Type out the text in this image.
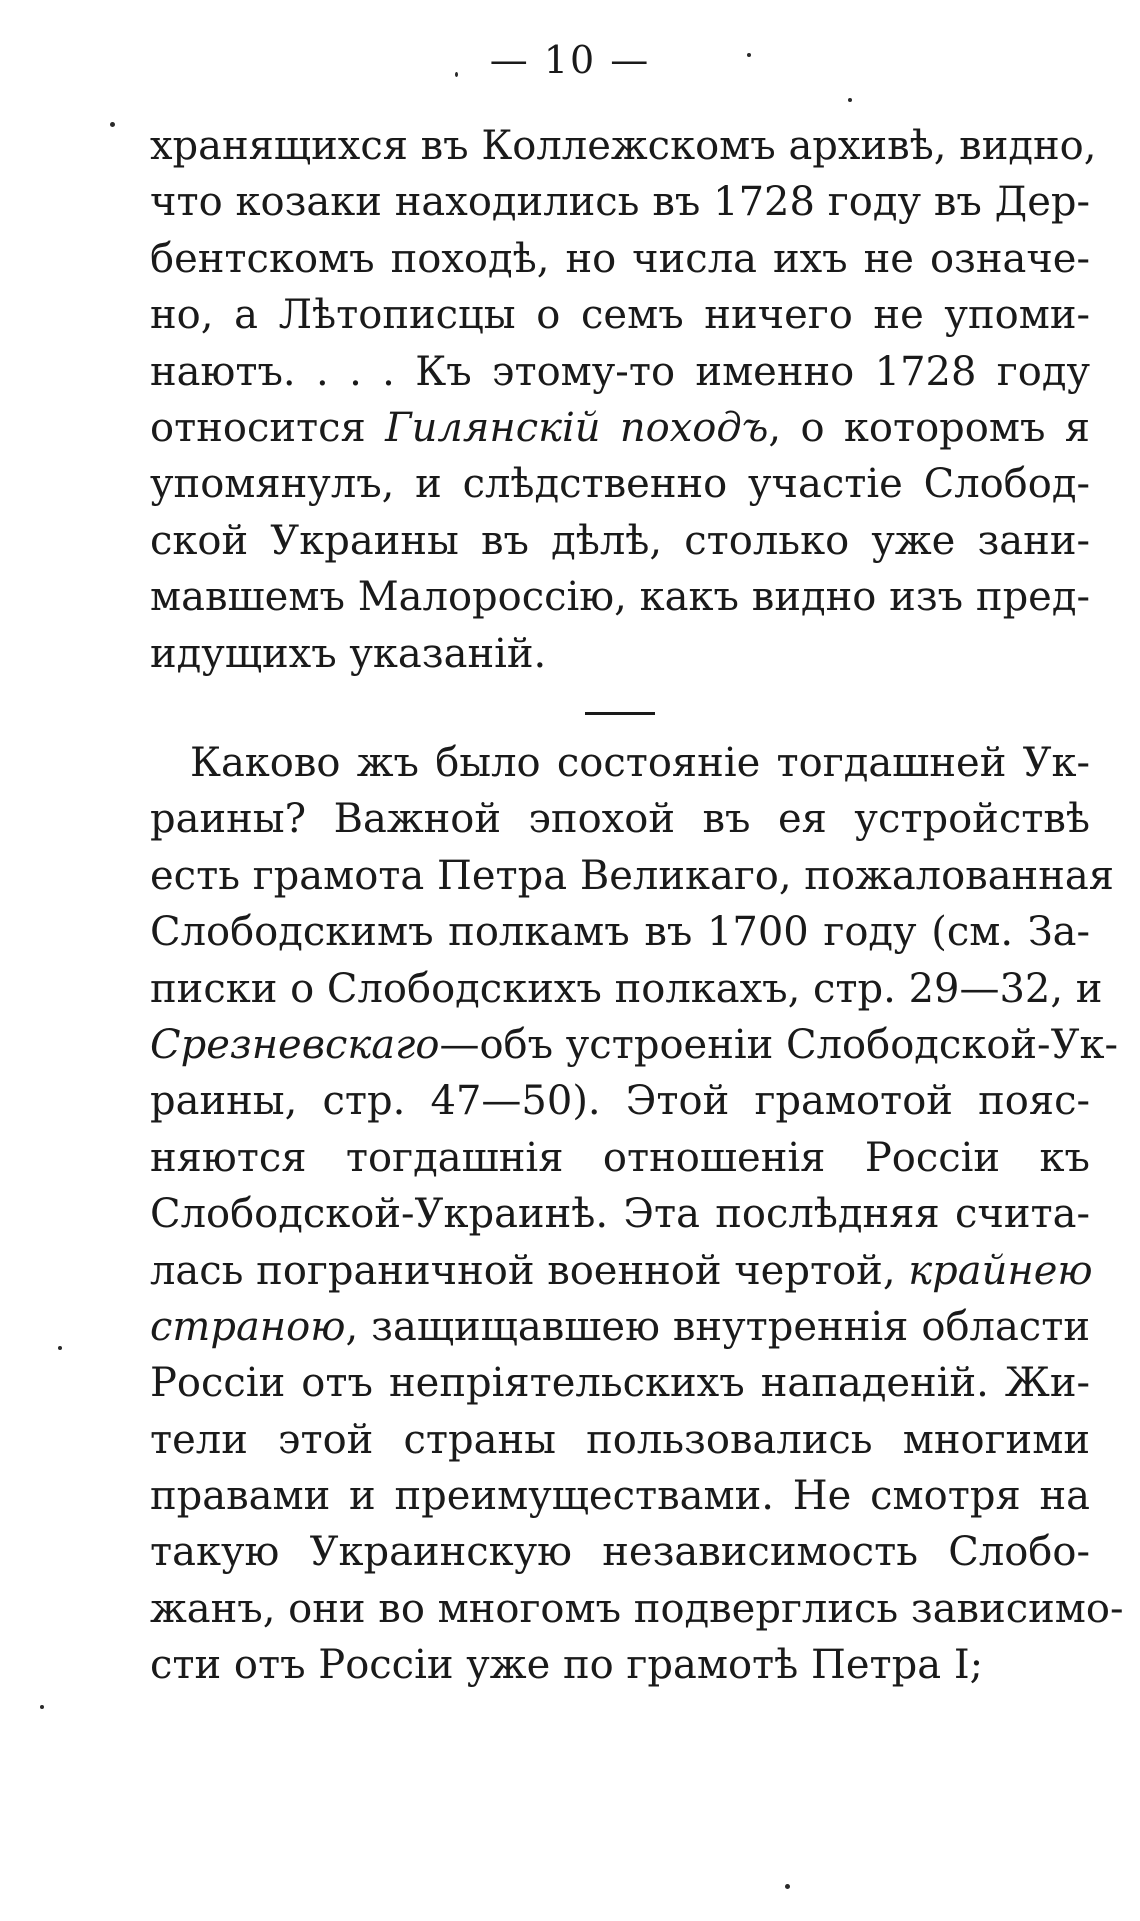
— 10 —
хранящихся въ Коллежскомъ архивѣ, видно,
что козаки находились въ 1728 году въ Дер-
бентскомъ походѣ, но числа ихъ не означе-
но, а Лѣтописцы о семъ ничего не упоми-
наютъ. . . . Къ этому-то именно 1728 году
относится Гилянскій походъ, о которомъ я
упомянулъ, и слѣдственно участіе Слобод-
ской Украины въ дѣлѣ, столько уже зани-
мавшемъ Малороссію, какъ видно изъ пред-
идущихъ указаній.
Каково жъ было состояніе тогдашней Ук-
раины? Важной эпохой въ ея устройствѣ
есть грамота Петра Великаго, пожалованная
Слободскимъ полкамъ въ 1700 году (см. За-
писки о Слободскихъ полкахъ, стр. 29—32, и
Срезневскаго—объ устроеніи Слободской-Ук-
раины, стр. 47—50). Этой грамотой пояс-
няются тогдашнія отношенія Россіи къ
Слободской-Украинѣ. Эта послѣдняя счита-
лась пограничной военной чертой, крайнею
страною, защищавшею внутреннія области
Россіи отъ непріятельскихъ нападеній. Жи-
тели этой страны пользовались многими
правами и преимуществами. Не смотря на
такую Украинскую независимость Слобо-
жанъ, они во многомъ подверглись зависимо-
сти отъ Россіи уже по грамотѣ Петра I;
